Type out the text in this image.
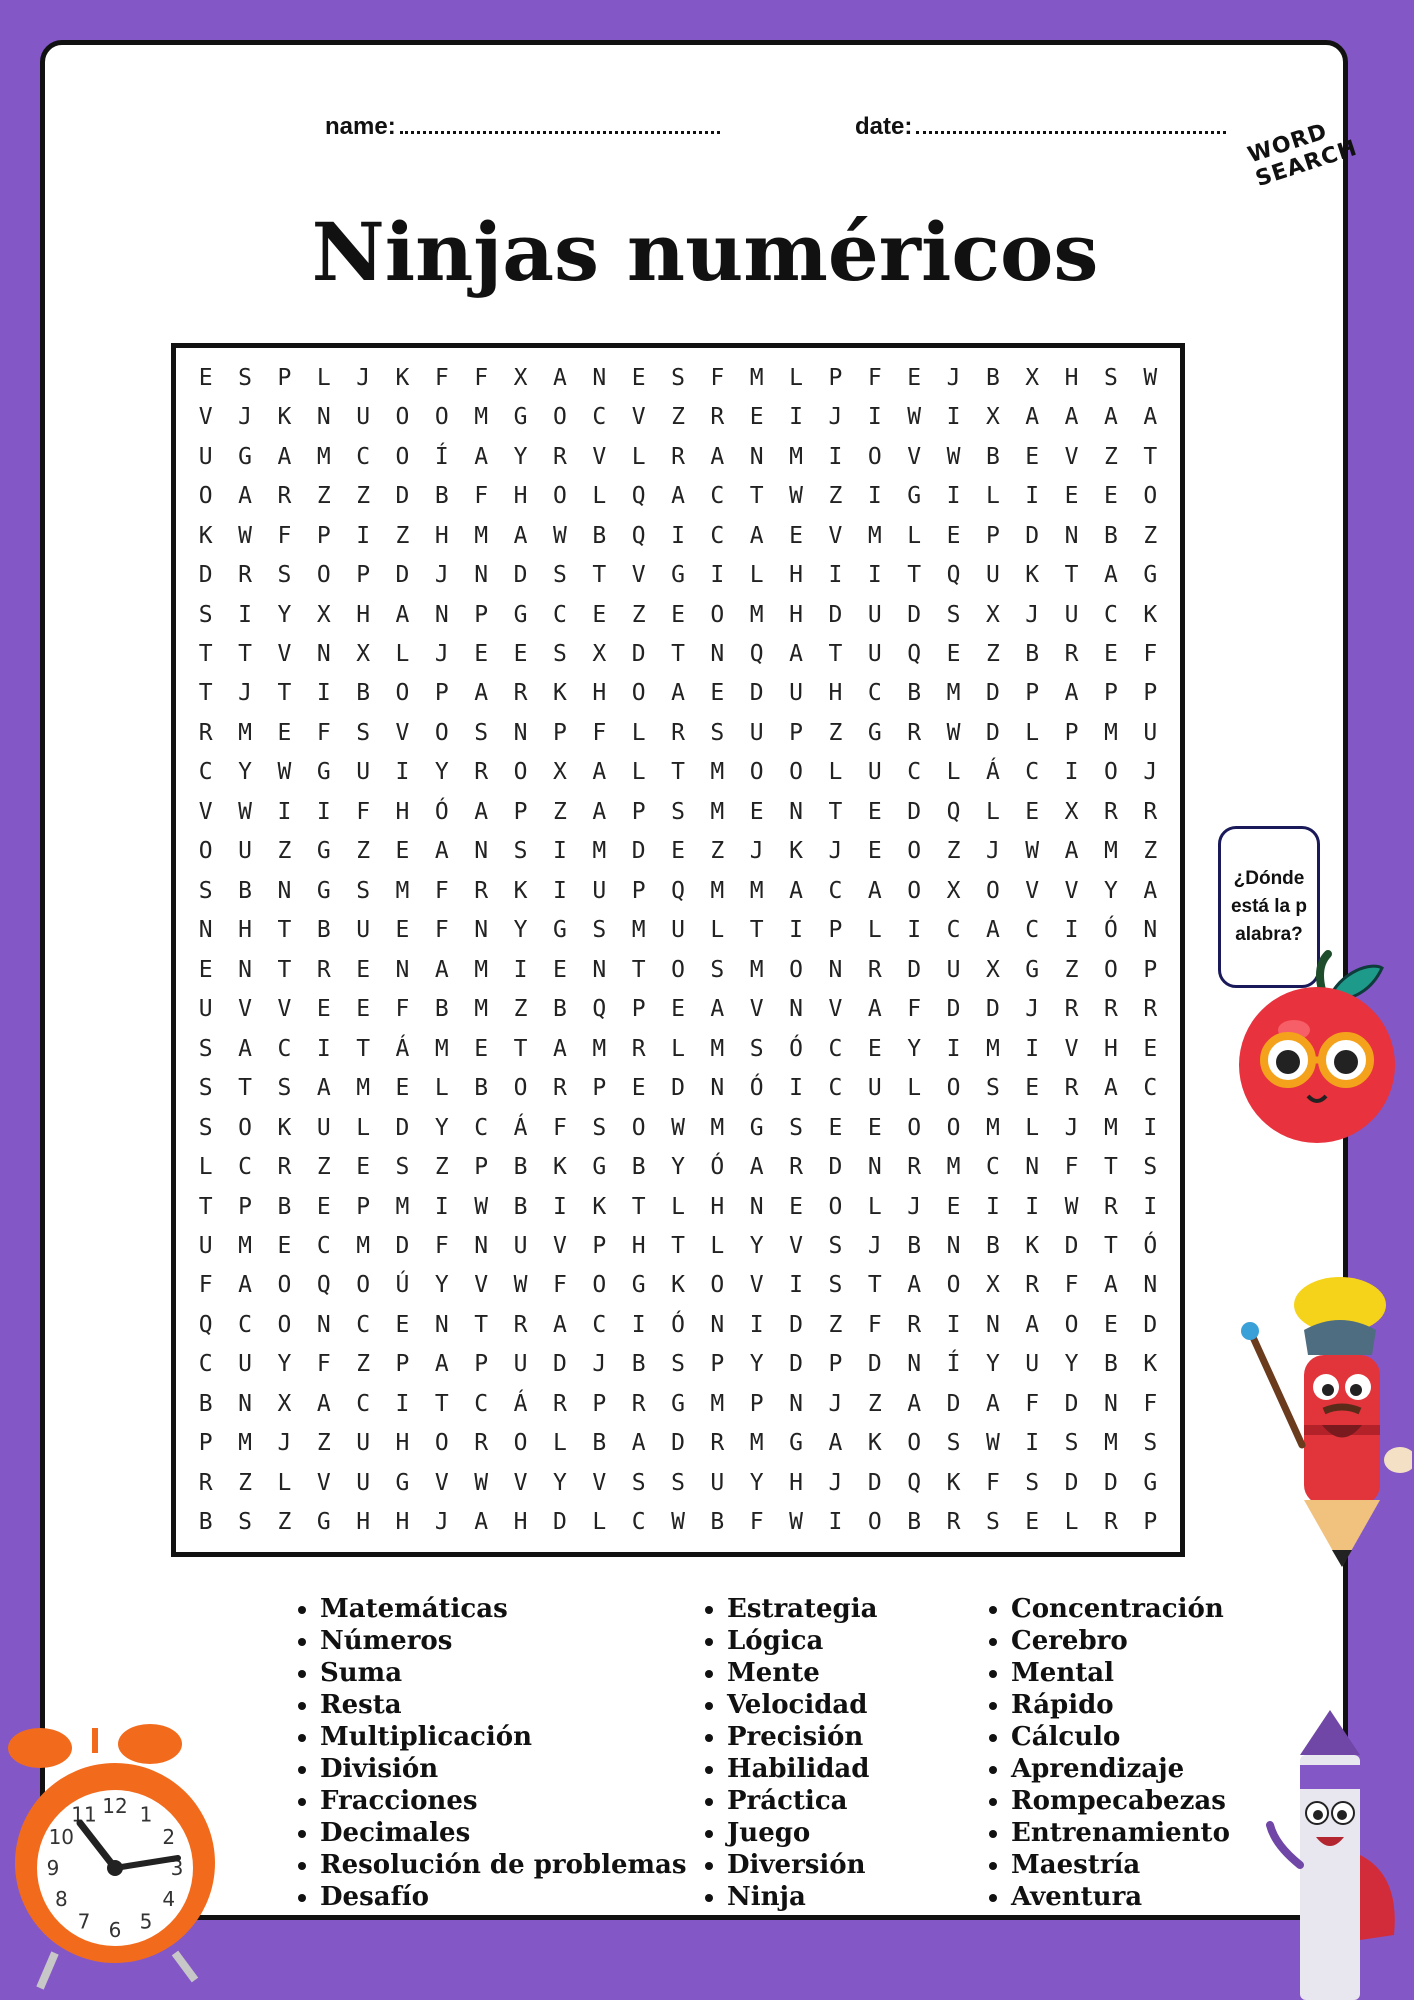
name:	date:	WORD SEARCH
Ninjas numéricos
E	S	P	L	J	K	F	F	X	A	N	E	S	F	M	L	P	F	E	J	B	X	H	S	W
V	J	K	N	U	O	O	M	G	O	C	V	Z	R	E	I	J	I	W	I	X	A	A	A	A
U	G	A	M	C	O	Í	A	Y	R	V	L	R	A	N	M	I	O	V	W	B	E	V	Z	T
O	A	R	Z	Z	D	B	F	H	O	L	Q	A	C	T	W	Z	I	G	I	L	I	E	E	O
K	W	F	P	I	Z	H	M	A	W	B	Q	I	C	A	E	V	M	L	E	P	D	N	B	Z
D	R	S	O	P	D	J	N	D	S	T	V	G	I	L	H	I	I	T	Q	U	K	T	A	G
S	I	Y	X	H	A	N	P	G	C	E	Z	E	O	M	H	D	U	D	S	X	J	U	C	K
T	T	V	N	X	L	J	E	E	S	X	D	T	N	Q	A	T	U	Q	E	Z	B	R	E	F
T	J	T	I	B	O	P	A	R	K	H	O	A	E	D	U	H	C	B	M	D	P	A	P	P
R	M	E	F	S	V	O	S	N	P	F	L	R	S	U	P	Z	G	R	W	D	L	P	M	U
C	Y	W	G	U	I	Y	R	O	X	A	L	T	M	O	O	L	U	C	L	Á	C	I	O	J
V	W	I	I	F	H	Ó	A	P	Z	A	P	S	M	E	N	T	E	D	Q	L	E	X	R	R
O	U	Z	G	Z	E	A	N	S	I	M	D	E	Z	J	K	J	E	O	Z	J	W	A	M	Z
S	B	N	G	S	M	F	R	K	I	U	P	Q	M	M	A	C	A	O	X	O	V	V	Y	A
N	H	T	B	U	E	F	N	Y	G	S	M	U	L	T	I	P	L	I	C	A	C	I	Ó	N
E	N	T	R	E	N	A	M	I	E	N	T	O	S	M	O	N	R	D	U	X	G	Z	O	P
U	V	V	E	E	F	B	M	Z	B	Q	P	E	A	V	N	V	A	F	D	D	J	R	R	R
S	A	C	I	T	Á	M	E	T	A	M	R	L	M	S	Ó	C	E	Y	I	M	I	V	H	E
S	T	S	A	M	E	L	B	O	R	P	E	D	N	Ó	I	C	U	L	O	S	E	R	A	C
S	O	K	U	L	D	Y	C	Á	F	S	O	W	M	G	S	E	E	O	O	M	L	J	M	I
L	C	R	Z	E	S	Z	P	B	K	G	B	Y	Ó	A	R	D	N	R	M	C	N	F	T	S
T	P	B	E	P	M	I	W	B	I	K	T	L	H	N	E	O	L	J	E	I	I	W	R	I
U	M	E	C	M	D	F	N	U	V	P	H	T	L	Y	V	S	J	B	N	B	K	D	T	Ó
F	A	O	Q	O	Ú	Y	V	W	F	O	G	K	O	V	I	S	T	A	O	X	R	F	A	N
Q	C	O	N	C	E	N	T	R	A	C	I	Ó	N	I	D	Z	F	R	I	N	A	O	E	D
C	U	Y	F	Z	P	A	P	U	D	J	B	S	P	Y	D	P	D	N	Í	Y	U	Y	B	K
B	N	X	A	C	I	T	C	Á	R	P	R	G	M	P	N	J	Z	A	D	A	F	D	N	F
P	M	J	Z	U	H	O	R	O	L	B	A	D	R	M	G	A	K	O	S	W	I	S	M	S
R	Z	L	V	U	G	V	W	V	Y	V	S	S	U	Y	H	J	D	Q	K	F	S	D	D	G
B	S	Z	G	H	H	J	A	H	D	L	C	W	B	F	W	I	O	B	R	S	E	L	R	P
• Matemáticas
• Números
• Suma
• Resta
• Multiplicación
• División
• Fracciones
• Decimales
• Resolución de problemas
• Desafío
• Estrategia
• Lógica
• Mente
• Velocidad
• Precisión
• Habilidad
• Práctica
• Juego
• Diversión
• Ninja
• Concentración
• Cerebro
• Mental
• Rápido
• Cálculo
• Aprendizaje
• Rompecabezas
• Entrenamiento
• Maestría
• Aventura
¿Dónde está la palabra?
12 1
2
3
4
5
6
7
8
9
10
11
